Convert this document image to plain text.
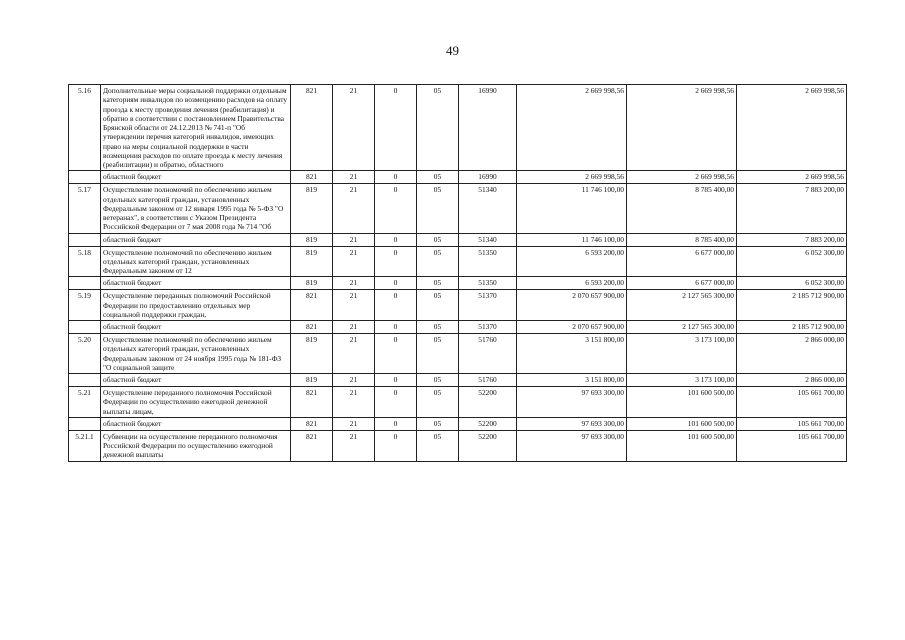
49
5.16	Дополнительные меры социальной поддержки отдельным категориям инвалидов по возмещению расходов на оплату проезда к месту проведения лечения (реабилитация) и обратно в соответствии с постановлением Правительства Брянской области от 24.12.2013 № 741-п "Об утверждении перечня категорий инвалидов, имеющих право на меры социальной поддержки в части возмещения расходов по оплате проезда к месту лечения (реабилитации) и обратно, областного	821	21	0	05	16990	2 669 998,56	2 669 998,56	2 669 998,56
	областной бюджет	821	21	0	05	16990	2 669 998,56	2 669 998,56	2 669 998,56
5.17	Осуществление полномочий по обеспечению жильем отдельных категорий граждан, установленных Федеральным законом от 12 января 1995 года № 5-ФЗ "О ветеранах", в соответствии с Указом Президента Российской Федерации от 7 мая 2008 года № 714 "Об	819	21	0	05	51340	11 746 100,00	8 785 400,00	7 883 200,00
	областной бюджет	819	21	0	05	51340	11 746 100,00	8 785 400,00	7 883 200,00
5.18	Осуществление полномочий по обеспечению жильем отдельных категорий граждан, установленных Федеральным законом от 12	819	21	0	05	51350	6 593 200,00	6 677 000,00	6 052 300,00
	областной бюджет	819	21	0	05	51350	6 593 200,00	6 677 000,00	6 052 300,00
5.19	Осуществление переданных полномочий Российской Федерации по предоставлению отдельных мер социальной поддержки граждан,	821	21	0	05	51370	2 070 657 900,00	2 127 565 300,00	2 185 712 900,00
	областной бюджет	821	21	0	05	51370	2 070 657 900,00	2 127 565 300,00	2 185 712 900,00
5.20	Осуществление полномочий по обеспечению жильем отдельных категорий граждан, установленных Федеральным законом от 24 ноября 1995 года № 181-ФЗ "О социальной защите	819	21	0	05	51760	3 151 800,00	3 173 100,00	2 866 000,00
	областной бюджет	819	21	0	05	51760	3 151 800,00	3 173 100,00	2 866 000,00
5.21	Осуществление переданного полномочия Российской Федерации по осуществлению ежегодной денежной выплаты лицам,	821	21	0	05	52200	97 693 300,00	101 600 500,00	105 661 700,00
	областной бюджет	821	21	0	05	52200	97 693 300,00	101 600 500,00	105 661 700,00
5.21.1	Субвенции на осуществление переданного полномочия Российской Федерации по осуществлению ежегодной денежной выплаты	821	21	0	05	52200	97 693 300,00	101 600 500,00	105 661 700,00
